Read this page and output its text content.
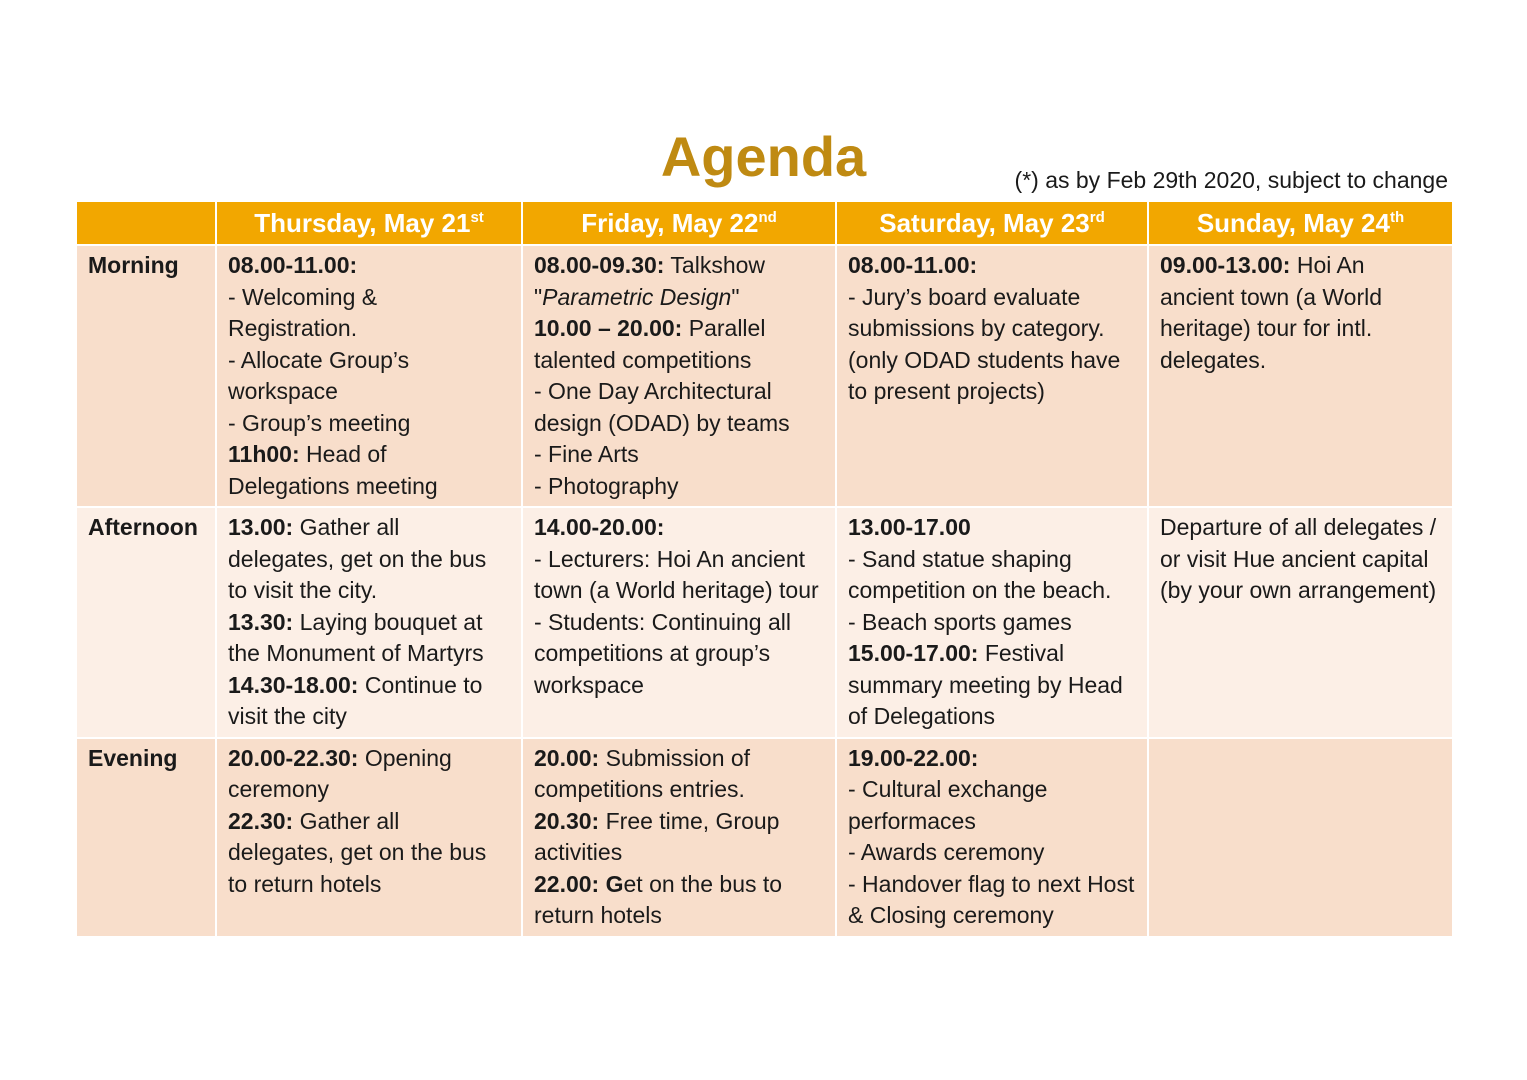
Agenda	(*) as by Feb 29th 2020, subject to change
	Thursday, May 21st	Friday, May 22nd	Saturday, May 23rd	Sunday, May 24th
Morning	08.00-11.00:
- Welcoming & Registration.
- Allocate Group’s workspace
- Group’s meeting
11h00: Head of Delegations meeting	08.00-09.30: Talkshow "Parametric Design"
10.00 – 20.00: Parallel talented competitions
- One Day Architectural design (ODAD) by teams
- Fine Arts
- Photography	08.00-11.00:
- Jury’s board evaluate submissions by category. (only ODAD students have to present projects)	09.00-13.00: Hoi An ancient town (a World heritage) tour for intl. delegates.

Afternoon	13.00: Gather all delegates, get on the bus to visit the city.
13.30: Laying bouquet at the Monument of Martyrs
14.30-18.00: Continue to visit the city	14.00-20.00:
- Lecturers: Hoi An ancient town (a World heritage) tour
- Students: Continuing all competitions at group’s workspace	13.00-17.00
- Sand statue shaping competition on the beach.
- Beach sports games
15.00-17.00: Festival summary meeting by Head of Delegations	Departure of all delegates / or visit Hue ancient capital (by your own arrangement)

Evening	20.00-22.30: Opening ceremony
22.30: Gather all delegates, get on the bus to return hotels	20.00: Submission of competitions entries.
20.30: Free time, Group activities
22.00: Get on the bus to return hotels	19.00-22.00:
- Cultural exchange performaces
- Awards ceremony
- Handover flag to next Host & Closing ceremony	
